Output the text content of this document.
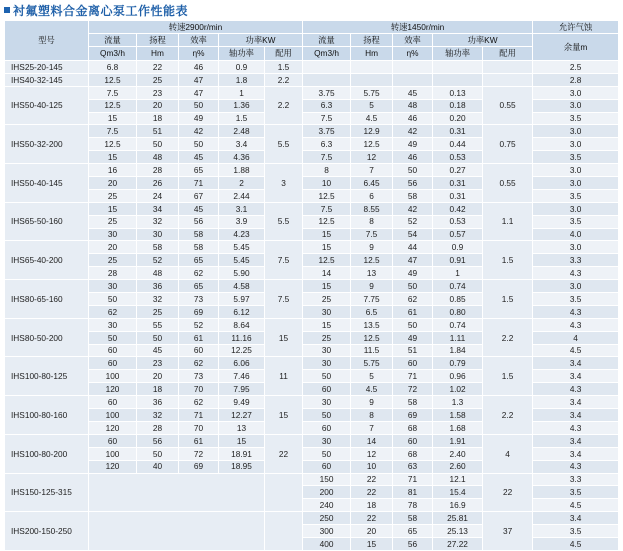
衬氟塑料合金离心泵工作性能表
型号	转速2900r/min					转速1450r/min					允许气蚀
	流量	扬程	效率	功率KW		流量	扬程	效率	功率KW		余量m
	Qm3/h	Hm	η%	轴功率	配用	Qm3/h	Hm	η%	轴功率	配用	
IHS25-20-145	6.8	22	46	0.9	1.5						2.5
IHS40-32-145	12.5	25	47	1.8	2.2						2.8
IHS50-40-125	7.5	23	47	1	2.2	3.75	5.75	45	0.13	0.55	3.0
	12.5	20	50	1.36		6.3	5	48	0.18		3.0
	15	18	49	1.5		7.5	4.5	46	0.20		3.5
IHS50-32-200	7.5	51	42	2.48	5.5	3.75	12.9	42	0.31	0.75	3.0
	12.5	50	50	3.4		6.3	12.5	49	0.44		3.0
	15	48	45	4.36		7.5	12	46	0.53		3.5
IHS50-40-145	16	28	65	1.88	3	8	7	50	0.27	0.55	3.0
	20	26	71	2		10	6.45	56	0.31		3.0
	25	24	67	2.44		12.5	6	58	0.31		3.5
IHS65-50-160	15	34	45	3.1	5.5	7.5	8.55	42	0.42	1.1	3.0
	25	32	56	3.9		12.5	8	52	0.53		3.5
	30	30	58	4.23		15	7.5	54	0.57		4.0
IHS65-40-200	20	58	58	5.45	7.5	15	9	44	0.9	1.5	3.0
	25	52	65	5.45		12.5	12.5	47	0.91		3.3
	28	48	62	5.90		14	13	49	1		4.3
IHS80-65-160	30	36	65	4.58	7.5	15	9	50	0.74	1.5	3.0
	50	32	73	5.97		25	7.75	62	0.85		3.5
	62	25	69	6.12		30	6.5	61	0.80		4.3
IHS80-50-200	30	55	52	8.64	15	15	13.5	50	0.74	2.2	4.3
	50	50	61	11.16		25	12.5	49	1.11		4
	60	45	60	12.25		30	11.5	51	1.84		4.5
IHS100-80-125	60	23	62	6.06	11	30	5.75	60	0.79	1.5	3.4
	100	20	73	7.46		50	5	71	0.96		3.4
	120	18	70	7.95		60	4.5	72	1.02		4.3
IHS100-80-160	60	36	62	9.49	15	30	9	58	1.3	2.2	3.4
	100	32	71	12.27		50	8	69	1.58		3.4
	120	28	70	13		60	7	68	1.68		4.3
IHS100-80-200	60	56	61	15	22	30	14	60	1.91	4	3.4
	100	50	72	18.91		50	12	68	2.40		3.4
	120	40	69	18.95		60	10	63	2.60		4.3
IHS150-125-315						150	22	71	12.1	22	3.3
						200	22	81	15.4		3.5
						240	18	78	16.9		4.5
IHS200-150-250						250	22	58	25.81	37	3.4
						300	20	65	25.13		3.5
						400	15	56	27.22		4.5
